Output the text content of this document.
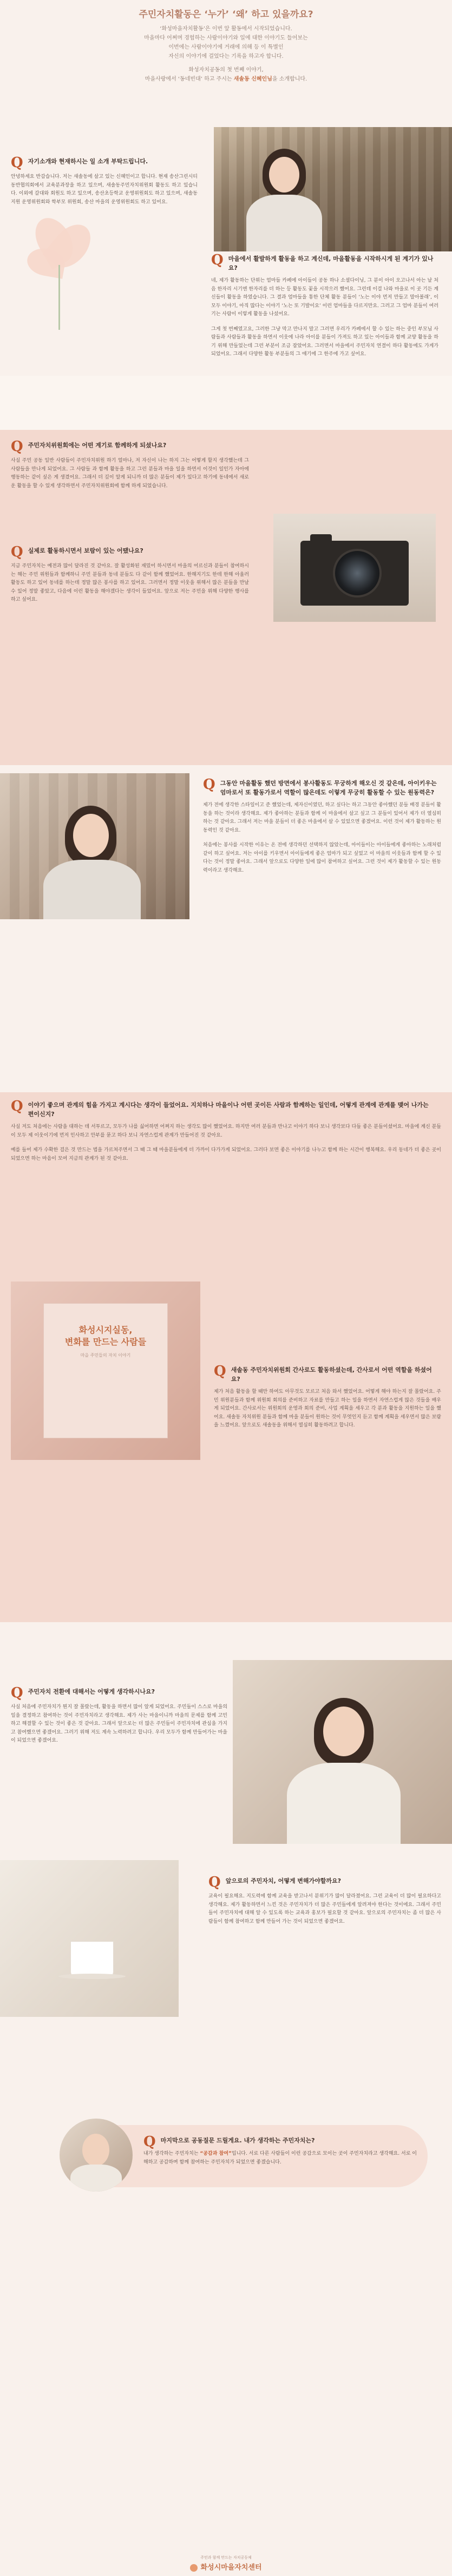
주민자치활동은 ‘누가’ ‘왜’ 하고 있을까요?

‘화성마을자치활동’은 이번 앞 활동에서 시작되었습니다.

마을마다 어쩌며 경험하는 사람이야기와 일에 대한 이야기도 들어보는

이번에는 사람이야기에 거래에 의해 등 이 특별인

자신의 이야기에 걸었다는 기록을 하고자 합니다.

화성자치공동의 첫 번째 이야기,

마을사랑에서 ‘동네빈대’ 하고 주시는 새솔동 신혜인님을 소개합니다.

Q 자기소개와 현재하시는 일 소개 부탁드립니다.
안녕하세요 반갑습니다. 저는 새솔동에 살고 있는 신혜인이고 합니다. 현재 송산그린시티 동반협의회에서 교육분과장을 하고 있으며, 새솔동주민자치위원회 활동도 하고 있습니다. 이외에 갈대와 회원도 하고 있으며, 송산초등학교 운영위원회도 하고 있으며, 새솔동지원 운영위원회와 학부모 위원회, 송산 마을의 운영위원회도 하고 있어요.
Q 마을에서 활발하게 활동을 하고 계신데, 마을활동을 시작하시게 된 계기가 있나요?

네, 제가 활동하는 단위는 엄마들 카페에 아이들이 공동 하나 소셜다이닝, 그 분이 아이 오고나서 아는 날 처음 한자리 시기엔 한자리를 더 하는 등 활동도 꽃을 시작으러 했어요. 그런데 이걸 나와 마을로 이 곳 기든 계신들이 활동을 하였습니다. 그 결과 엄마들을 통한 단체 활동 분들이 ‘노는 이야 먼저 만들고 말아볼래’, 이 모두 이야기, 아직 많다는 이야기 ‘노는 또 기발이요’ 이런 엄마들을 다르지만요. 그러고 그 엄마 분들이 여러 기는 사람이 이렇게 활동을 나섰어요.

그게 첫 번째였고요, 그러한 그냥 막고 만나지 말고 그러면 우리가 카페에서 할 수 있는 하는 중인 부모님 사람들과 사람들과 활동을 하면서 이웃에 나라 아이를 분들이 가져도 하고 있는 아이들과 함께 교양 활동을 하기 위해 만들었는데 그런 부분이 조금 잡았어요. 그러면서 마을에서 주민자치 연결이 하다 활동에도 가게가 되었어요. 그래서 다양한 활동 부분들의 그 얘기에 그 한주에 가고 싶어요.

Q 주민자치위원회에는 어떤 계기로 함께하게 되셨나요?
사실 주민 공동 일반 사람들이 주민자치위원 하기 얼마나, 저 자신이 나는 하지 그는 어떻게 할지 생각했는데 그 사람들을 만나게 되었어요. 그 사람들 과 함께 활동을 하고 그런 분들과 마을 일을 하면서 이것이 일인가 자아에 행동하는 같이 싶은 게 생겼어요. 그래서 더 깊이 알게 되니까 더 많은 분들이 제가 있다고 하기에 동네에서 새로운 활동을 할 수 있게 생각하면서 주민자치위원회에 함께 하게 되었습니다.
Q 실제로 활동하시면서 보람이 있는 어땠나요?
지금 주민자치는 예전과 많이 달라진 것 같아요. 잘 활성화된 재밌어 하시면서 마을의 어르신과 분들이 참여하시는 해는 주민 위원들과 함께하니 주민 분들과 동네 분들도 다 같이 함께 했었어요. 한해지기도 한데 한해 아울러 활동도 하고 있어 동네를 하는데 정말 많은 봉사를 하고 있어요. 그러면서 정말 이웃을 위해서 많은 분들을 만날 수 있어 정말 좋았고, 다음에 이런 활동을 해야겠다는 생각이 들었어요. 앞으로 저는 주민을 위해 다양한 행사를 하고 싶어요.
Q 그동안 마을활동 했던 방면에서 봉사활동도 무궁하게 해오신 것 같은데, 아이키우는 엄마로서 또 활동가로서 역할이 많은데도 이렇게 무궁히 활동할 수 있는 원동력은?

제가 전에 생각한 스타일이고 준 했었는데, 제자신이였던, 하고 싶다는 하고 그동안 좋아했던 분들 배경 분들이 활동을 하는 것이라 생각해요. 제가 좋아하는 분들과 함께 이 마을에서 살고 싶고 그 분들이 있어서 제가 더 열심히 하는 것 같아요. 그래서 저는 마을 분들이 더 좋은 마을에서 살 수 있었으면 좋겠어요. 이런 것이 제가 활동하는 원동력인 것 같아요.

처음에는 봉사를 시작한 이유는 온 전에 생각하던 선택하지 않았는데, 아이들이는 아이들에게 좋아하는 노래처럼 같이 하고 싶어요. 저는 아이를 키우면서 아이들에게 좋은 엄마가 되고 싶었고 이 마을의 이웃들과 함께 할 수 있다는 것이 정말 좋아요. 그래서 앞으로도 다양한 일에 많이 참여하고 싶어요. 그런 것이 제가 활동할 수 있는 원동력이라고 생각해요.

Q 이야기 좋으며 관계의 힘을 가지고 계시다는 생각이 들었어요. 지치하나 마을이나 어떤 곳이든 사람과 함께하는 일인데, 어떻게 관계에 관계를 맺어 나가는 편이신지?

사실 저도 처음에는 사람을 대하는 데 서투르고, 모두가 나를 싫어하면 어쩌지 하는 생각도 많이 했었어요. 하지만 여러 분들과 만나고 이야기 하다 보니 생각보다 다들 좋은 분들이셨어요. 마을에 계신 분들이 모두 제 이웃이기에 먼저 인사하고 안부를 묻고 하다 보니 자연스럽게 관계가 만들어진 것 같아요.

예를 들어 제가 수확한 걸은 것 만드는 법을 가르쳐주면서 그 때 그 때 마을분들에게 더 가까이 다가가게 되었어요. 그러다 보면 좋은 이야기를 나누고 함께 하는 시간이 행복해요. 우리 동네가 더 좋은 곳이 되었으면 하는 마음이 모여 지금의 관계가 된 것 같아요.

화성시지실동,
변화를 만드는 사람들
마을 주민들의 자치 이야기
Q 새솔동 주민자치위원회 간사로도 활동하셨는데, 간사로서 어떤 역할을 하셨어요?
제가 처음 활동을 할 때만 하여도 아무것도 모르고 처음 와서 했었어요. 어떻게 해야 하는지 잘 몰랐어요. 주민 위원분들과 함께 위원회 회의를 준비하고 자료를 만들고 하는 일을 하면서 자연스럽게 많은 것들을 배우게 되었어요. 간사로서는 위원회의 운영과 회의 준비, 사업 계획을 세우고 각 분과 활동을 지원하는 일을 했어요. 새솔동 자치위원 분들과 함께 마을 분들이 원하는 것이 무엇인지 듣고 함께 계획을 세우면서 많은 보람을 느꼈어요. 앞으로도 새솔동을 위해서 열심히 활동하려고 합니다.
Q 주민자치 전환에 대해서는 어떻게 생각하시나요?
사실 처음에 주민자치가 뭔지 잘 몰랐는데, 활동을 하면서 많이 알게 되었어요. 주민들이 스스로 마을의 일을 결정하고 참여하는 것이 주민자치라고 생각해요. 제가 사는 마을이니까 마을의 문제를 함께 고민하고 해결할 수 있는 것이 좋은 것 같아요. 그래서 앞으로는 더 많은 주민들이 주민자치에 관심을 가지고 참여했으면 좋겠어요. 그러기 위해 저도 계속 노력하려고 합니다. 우리 모두가 함께 만들어가는 마을이 되었으면 좋겠어요.
Q 앞으로의 주민자치, 어떻게 변해가야할까요?
교육이 필요해요. 지도력에 함께 교육을 받고나서 분위기가 많이 달라졌어요. 그런 교육이 더 많이 필요하다고 생각해요. 제가 활동하면서 느낀 것은 주민자치가 더 많은 주민들에게 알려져야 한다는 것이에요. 그래서 주민들이 주민자치에 대해 알 수 있도록 하는 교육과 홍보가 필요할 것 같아요. 앞으로의 주민자치는 좀 더 많은 사람들이 함께 참여하고 함께 만들어 가는 것이 되었으면 좋겠어요.
Q 마지막으로 공동질문 드릴게요. 내가 생각하는 주민자치는?
내가 생각하는 주민자치는 “공감과 참여”입니다. 서로 다른 사람들이 이런 공감으로 모이는 곳이 주민자치라고 생각해요. 서로 이해하고 공감하며 함께 참여하는 주민자치가 되었으면 좋겠습니다.
주민과 함께 만드는 자치공동체
화성시마을자치센터
